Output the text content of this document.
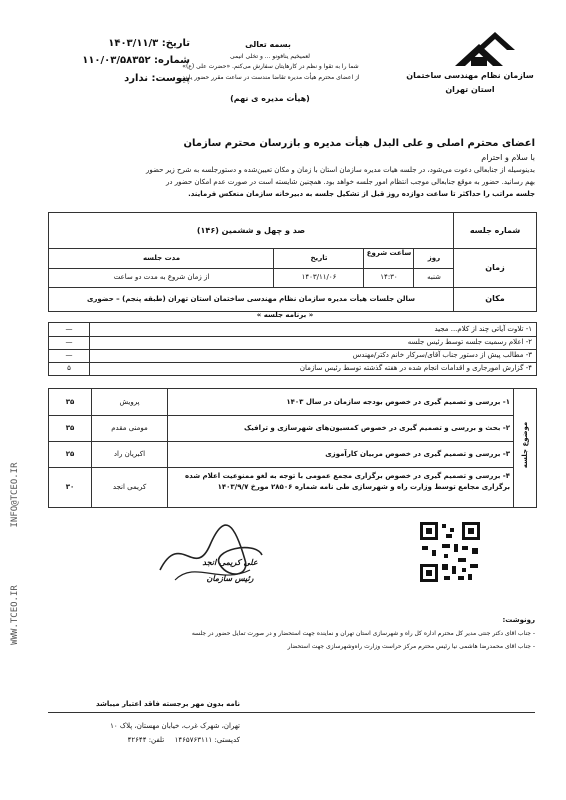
تاریخ: ۱۴۰۳/۱۱/۳
شماره: ۱۱۰/۰۳/۵۸۳۵۲
پیوست: ندارد
بسمه تعالی
لعمیخیم ینافونو ... و تخلی انیمی
شما را به تقوا و نظم در کارهایتان سفارش می‌کنم. «حضرت علی (ع)»
از اعضای محترم هیأت مدیره تقاضا مندست در ساعت مقرر حضور یابند.
(هیأت مدیره ی نهم)
سازمان نظام مهندسی ساختمان
استان تهران
اعضای محترم اصلی و علی البدل هیأت مدیره و بازرسان محترم سازمان
با سلام و احترام
بدینوسیله از جنابعالی دعوت می‌شود، در جلسه هیأت مدیره سازمان استان با زمان و مکان تعیین‌شده و دستورجلسه به شرح زیر حضور
بهم رسانید. حضور به موقع جنابعالی موجب انتظام امور جلسه خواهد بود. همچنین شایسته است در صورت عدم امکان حضور در
جلسه مراتب را حداکثر تا ساعت دوازده روز قبل از تشکیل جلسه به دبیرخانه سازمان منعکس فرمایند.
شماره جلسه
صد و چهل و ششمین (۱۴۶)
زمان
روز
ساعت شروع
تاریخ
مدت جلسه
شنبه
۱۴:۳۰
۱۴۰۳/۱۱/۰۶
از زمان شروع به مدت دو ساعت
مکان
سالن جلسات هیأت مدیره سازمان نظام مهندسی ساختمان استان تهران (طبقه پنجم) – حضوری
« برنامه جلسه »
۱- تلاوت آیاتی چند از کلام... مجید
—
۲- اعلام رسمیت جلسه توسط رئیس جلسه
—
۳- مطالب پیش از دستور جناب آقای/سرکار خانم دکتر/مهندس
—
۴- گزارش امورجاری و اقدامات انجام شده در هفته گذشته توسط رئیس سازمان
۵
موضوع جلسه
۱- بررسی و تصمیم گیری در خصوص بودجه سازمان در سال ۱۴۰۳
پرویش
۳۵
۲- بحث و بررسی و تصمیم گیری در خصوص کمسیون‌های شهرسازی و ترافیک
مومنی مقدم
۳۵
۳- بررسی و تصمیم گیری در خصوص مربیان کارآموزی
اکبریان راد
۲۵
۴- بررسی و تصمیم گیری در خصوص برگزاری مجمع عمومی با توجه به لغو ممنوعیت اعلام شده برگزاری مجامع توسط وزارت راه و شهرسازی طی نامه شماره ۲۸۵۰۶ مورخ ۱۴۰۳/۹/۷
کریمی انجد
۳۰
علی کریمی انجد
رئیس سازمان
رونوشت:
- جناب آقای دکتر جنتی مدیر کل محترم اداره کل راه و شهرسازی استان تهران و نماینده جهت استحضار و در صورت تمایل حضور در جلسه
- جناب آقای محمدرضا هاشمی نیا رئیس محترم مرکز حراست وزارت راه‌وشهرسازی جهت استحضار
WWW.TCEO.IR
INFO@TCEO.IR
نامه بدون مهر برجسته فاقد اعتبار میباشد
تهران، شهرک غرب، خیابان مهستان، پلاک ۱۰
کدپستی: ۱۴۶۵۷۶۳۱۱۱  تلفن: ۴۲۶۴۴
